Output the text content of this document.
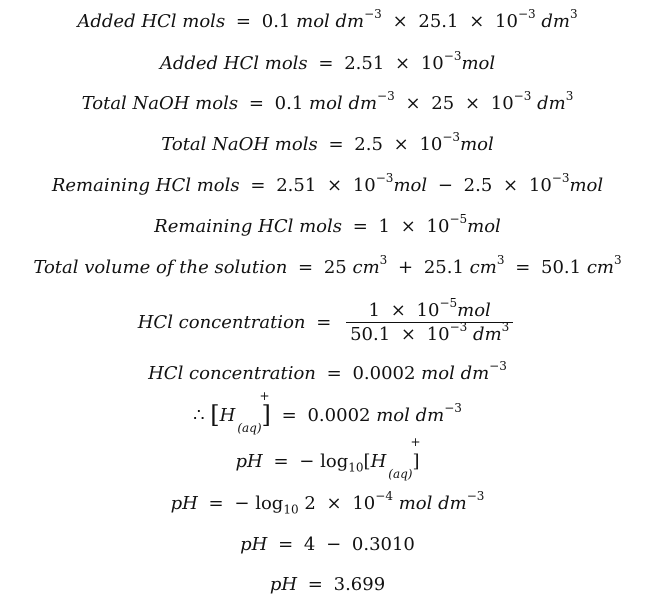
Added HCl mols = 0.1 mol $dm^{-3} \times 25.1 \times 10^{-3}$ $dm^3$
Added HCl mols = $2.51 \times 10^{-3}mol$
Total NaOH mols = 0.1 mol $dm^{-3} \times 25 \times 10^{-3}$ $dm^3$
Total NaOH mols = $2.5 \times 10^{-3}mol$
Remaining HCl mols = $2.51 \times 10^{-3}mol - 2.5 \times 10^{-3}mol$
Remaining HCl mols = $1 \times 10^{-5}mol$
Total volume of the solution = 25 $cm^3 + 25.1$ $cm^3 = 50.1$ $cm^3$
HCl concentration = $\frac{1 \times 10^{-5}mol}{50.1 \times 10^{-3} dm^3}$
HCl concentration = 0.0002 mol $dm^{-3}$
∴ [H
+
$_{(aq)}$] = 0.0002 mol $dm^{-3}$
pH = − $\log_{10}[H$
+
$_{(aq)}$]
pH = − $\log_{10} 2 \times 10^{-4}$ mol $dm^{-3}$
pH = 4 − 0.3010
pH = 3.699
